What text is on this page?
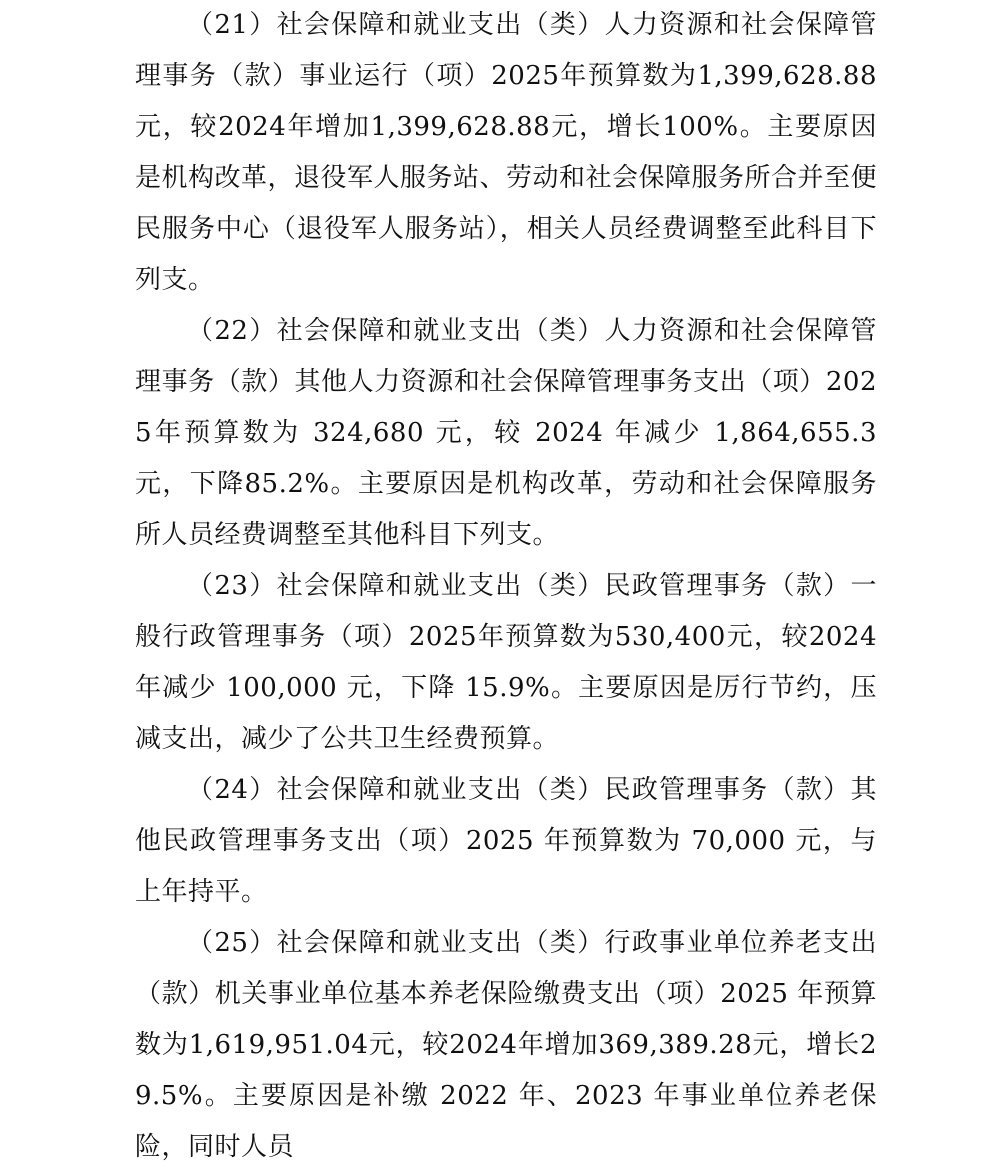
（21）社会保障和就业支出（类）人力资源和社会保障管理事务（款）事业运行（项）2025年预算数为1,399,628.88元，较2024年增加1,399,628.88元，增长100%。主要原因是机构改革，退役军人服务站、劳动和社会保障服务所合并至便民服务中心（退役军人服务站），相关人员经费调整至此科目下列支。

（22）社会保障和就业支出（类）人力资源和社会保障管理事务（款）其他人力资源和社会保障管理事务支出（项）2025年预算数为 324,680 元，较 2024 年减少 1,864,655.3 元，下降85.2%。主要原因是机构改革，劳动和社会保障服务所人员经费调整至其他科目下列支。

（23）社会保障和就业支出（类）民政管理事务（款）一般行政管理事务（项）2025年预算数为530,400元，较2024年减少 100,000 元，下降 15.9%。主要原因是厉行节约，压减支出，减少了公共卫生经费预算。

（24）社会保障和就业支出（类）民政管理事务（款）其他民政管理事务支出（项）2025 年预算数为 70,000 元，与上年持平。

（25）社会保障和就业支出（类）行政事业单位养老支出（款）机关事业单位基本养老保险缴费支出（项）2025 年预算数为1,619,951.04元，较2024年增加369,389.28元，增长29.5%。主要原因是补缴 2022 年、2023 年事业单位养老保险，同时人员
